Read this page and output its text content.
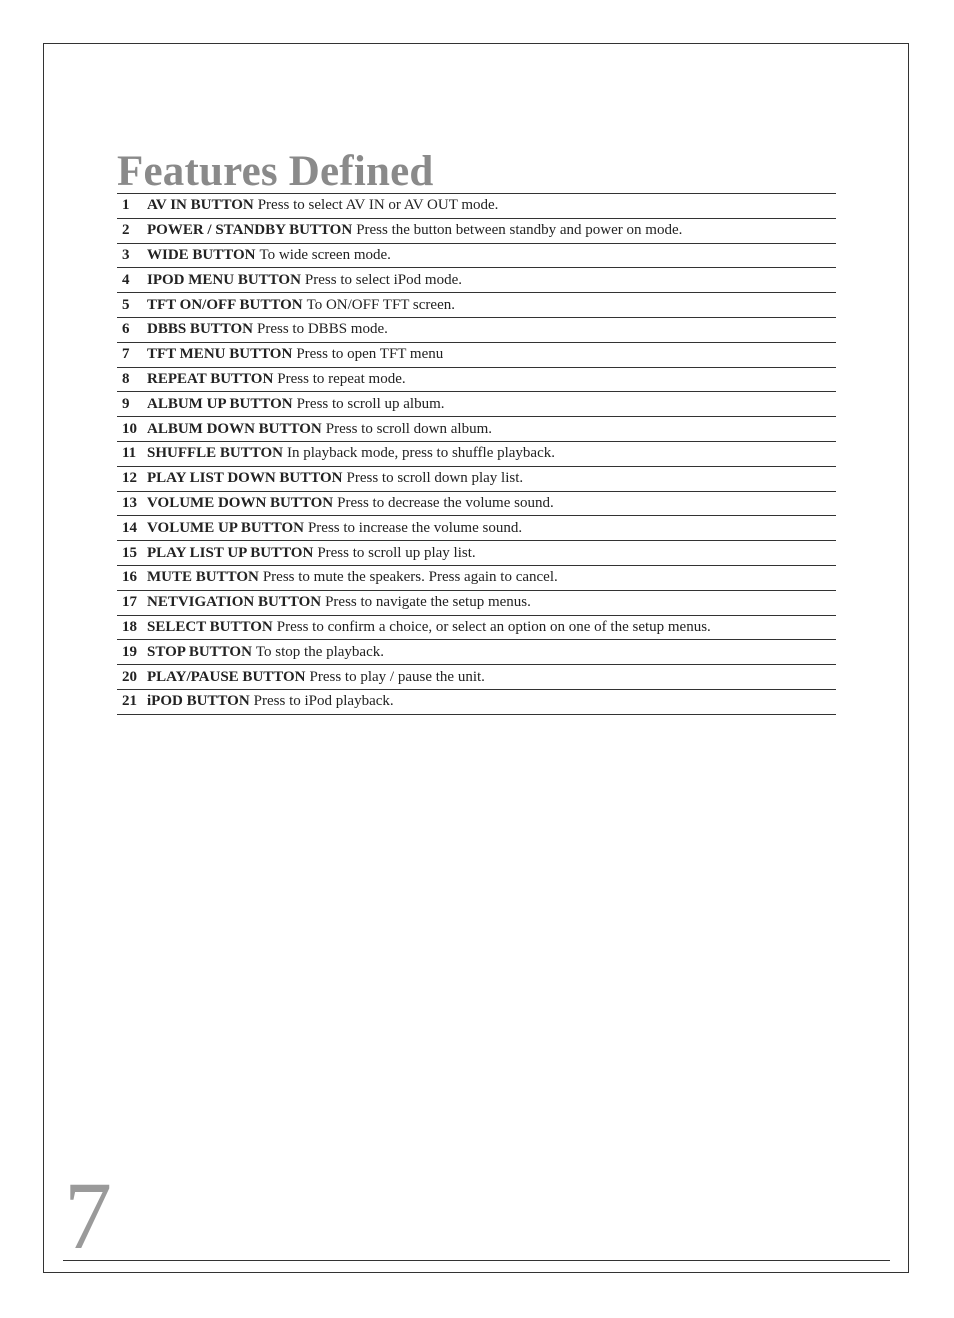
Features Defined
1	AV IN BUTTON Press to select AV IN or AV OUT mode.
2	POWER / STANDBY BUTTON Press the button between standby and power on mode.
3	WIDE BUTTON To wide screen mode.
4	IPOD MENU BUTTON Press to select iPod mode.
5	TFT ON/OFF BUTTON To ON/OFF TFT screen.
6	DBBS BUTTON Press to DBBS mode.
7	TFT MENU BUTTON Press to open TFT menu
8	REPEAT BUTTON Press to repeat mode.
9	ALBUM UP BUTTON Press to scroll up album.
10 ALBUM DOWN BUTTON Press to scroll down album.
11 SHUFFLE BUTTON In playback mode, press to shuffle playback.
12 PLAY LIST DOWN BUTTON Press to scroll down play list.
13 VOLUME DOWN BUTTON Press to decrease the volume sound.
14 VOLUME UP BUTTON Press to increase the volume sound.
15 PLAY LIST UP BUTTON Press to scroll up play list.
16 MUTE BUTTON Press to mute the speakers. Press again to cancel.
17 NETVIGATION BUTTON Press to navigate the setup menus.
18 SELECT BUTTON Press to confirm a choice, or select an option on one of the setup menus.
19 STOP BUTTON To stop the playback.
20 PLAY/PAUSE BUTTON Press to play / pause the unit.
21 iPOD BUTTON Press to iPod playback.
7
